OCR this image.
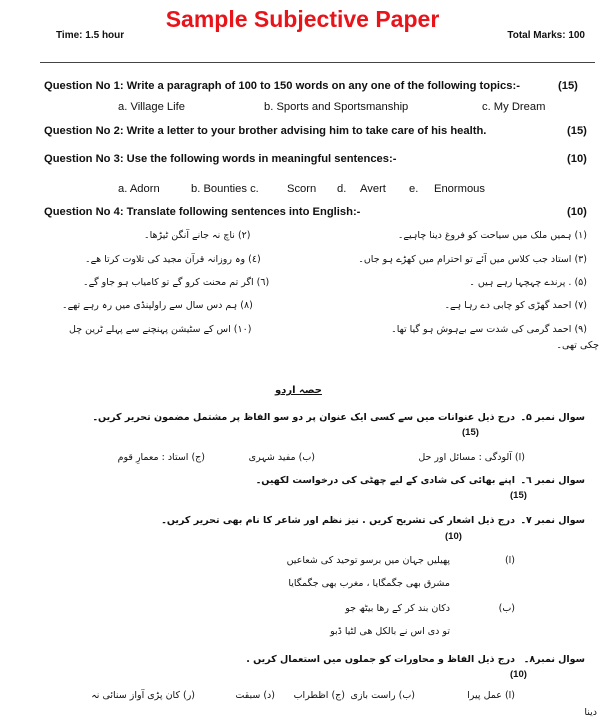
Sample Subjective Paper
Time: 1.5 hour	Total Marks: 100
Question No 1: Write a paragraph of 100 to 150 words on any one of the following topics:-	(15)
a. Village Life	b. Sports and Sportsmanship	c. My Dream
Question No 2: Write a letter to your brother advising him to take care of his health.	(15)
Question No 3: Use the following words in meaningful sentences:-	(10)
a. Adorn	b. Bounties c.	Scorn d. Avert e. Enormous
Question No 4: Translate following sentences into English:-	(10)
(۱) ہمیں ملک میں سیاحت کو فروغ دینا چاہیے۔
(۳) استاد جب کلاس میں آئے تو احترام میں کھڑے ہو جاں۔
(۵) . پرندے چہچہا رہے ہیں ۔
(۷) احمد گھڑی کو چابی دے رہا ہے۔
(۹) احمد گرمی کی شدت سے بےہوش ہو گیا تھا۔
چکی تھی۔
(۲) ناچ نہ جانے آنگن ٹیڑھا۔
(٤) وہ روزانہ قرآن مجید کی تلاوت کرتا ھے۔
(٦) اگر تم محنت کرو گے تو کامیاب ہو جاو گے۔
(۸) ہم دس سال سے راولپنڈی میں رہ رہے تھے۔
(۱۰) اس کے سٹیشن پہنچنے سے پہلے ٹرین چل
حصہ اردو
سوال نمبر ۵۔
درج ذیل عنوانات میں سے کسی ایک عنوان پر دو سو الفاظ پر مشتمل مضمون تحریر کریں۔
(15)
(ا) آلودگی : مسائل اور حل
(ب) مفید شہری
(ج) استاد : معمارِ قوم
سوال نمبر ٦۔
اپنے بھائی کی شادی کے لیے چھٹی کی درخواست لکھیں۔
(15)
سوال نمبر ۷۔
درج ذیل اشعار کی تشریح کریں . نیز نظم اور شاعر کا نام بھی تحریر کریں۔
(10)
(ا)
پھیلیں جہان میں برسو توحید کی شعاعیں
مشرق بھی جگمگایا ، مغرب بھی جگمگایا
(ب)
دکان بند کر کے رھا بیٹھ جو
تو دی اس نے بالکل ھی لٹیا ڈبو
سوال نمبر۸۔
درج ذیل الفاظ و محاورات کو جملوں میں استعمال کریں .
(10)
(ا) عمل پیرا
(ب) راست بازی
(ج) اظطراب
(د) سبقت
(ر) کان پڑی آواز سنائی نہ
دینا
